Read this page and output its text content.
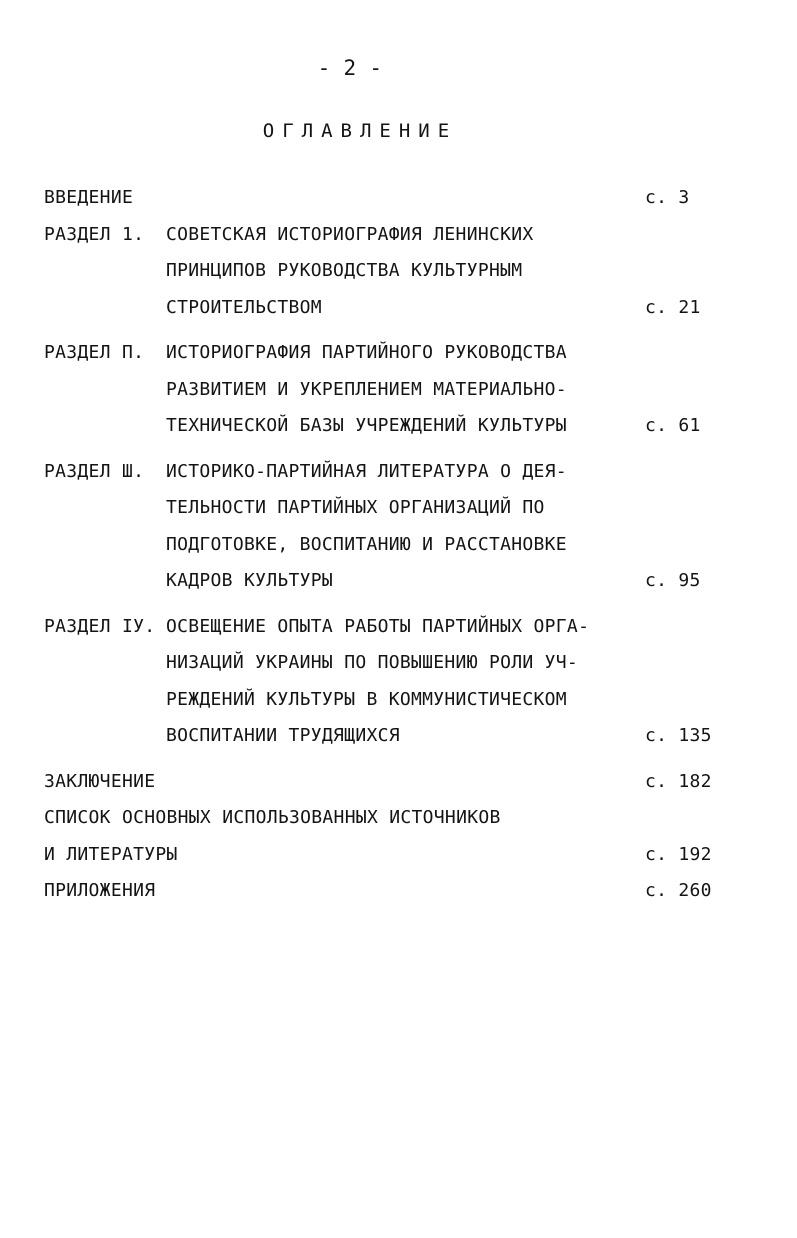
- 2 -
ОГЛАВЛЕНИЕ
ВВЕДЕНИЕ	с. 3
РАЗДЕЛ 1. СОВЕТСКАЯ ИСТОРИОГРАФИЯ ЛЕНИНСКИХ
ПРИНЦИПОВ РУКОВОДСТВА КУЛЬТУРНЫМ
СТРОИТЕЛЬСТВОМ	с. 21
РАЗДЕЛ П. ИСТОРИОГРАФИЯ ПАРТИЙНОГО РУКОВОДСТВА
РАЗВИТИЕМ И УКРЕПЛЕНИЕМ МАТЕРИАЛЬНО-
ТЕХНИЧЕСКОЙ БАЗЫ УЧРЕЖДЕНИЙ КУЛЬТУРЫ	с. 61
РАЗДЕЛ Ш. ИСТОРИКО-ПАРТИЙНАЯ ЛИТЕРАТУРА О ДЕЯ-
ТЕЛЬНОСТИ ПАРТИЙНЫХ ОРГАНИЗАЦИЙ ПО
ПОДГОТОВКЕ, ВОСПИТАНИЮ И РАССТАНОВКЕ
КАДРОВ КУЛЬТУРЫ	с. 95
РАЗДЕЛ IУ. ОСВЕЩЕНИЕ ОПЫТА РАБОТЫ ПАРТИЙНЫХ ОРГА-
НИЗАЦИЙ УКРАИНЫ ПО ПОВЫШЕНИЮ РОЛИ УЧ-
РЕЖДЕНИЙ КУЛЬТУРЫ В КОММУНИСТИЧЕСКОМ
ВОСПИТАНИИ ТРУДЯЩИХСЯ	с. 135
ЗАКЛЮЧЕНИЕ	с. 182
СПИСОК ОСНОВНЫХ ИСПОЛЬЗОВАННЫХ ИСТОЧНИКОВ
И ЛИТЕРАТУРЫ	с. 192
ПРИЛОЖЕНИЯ	с. 260
